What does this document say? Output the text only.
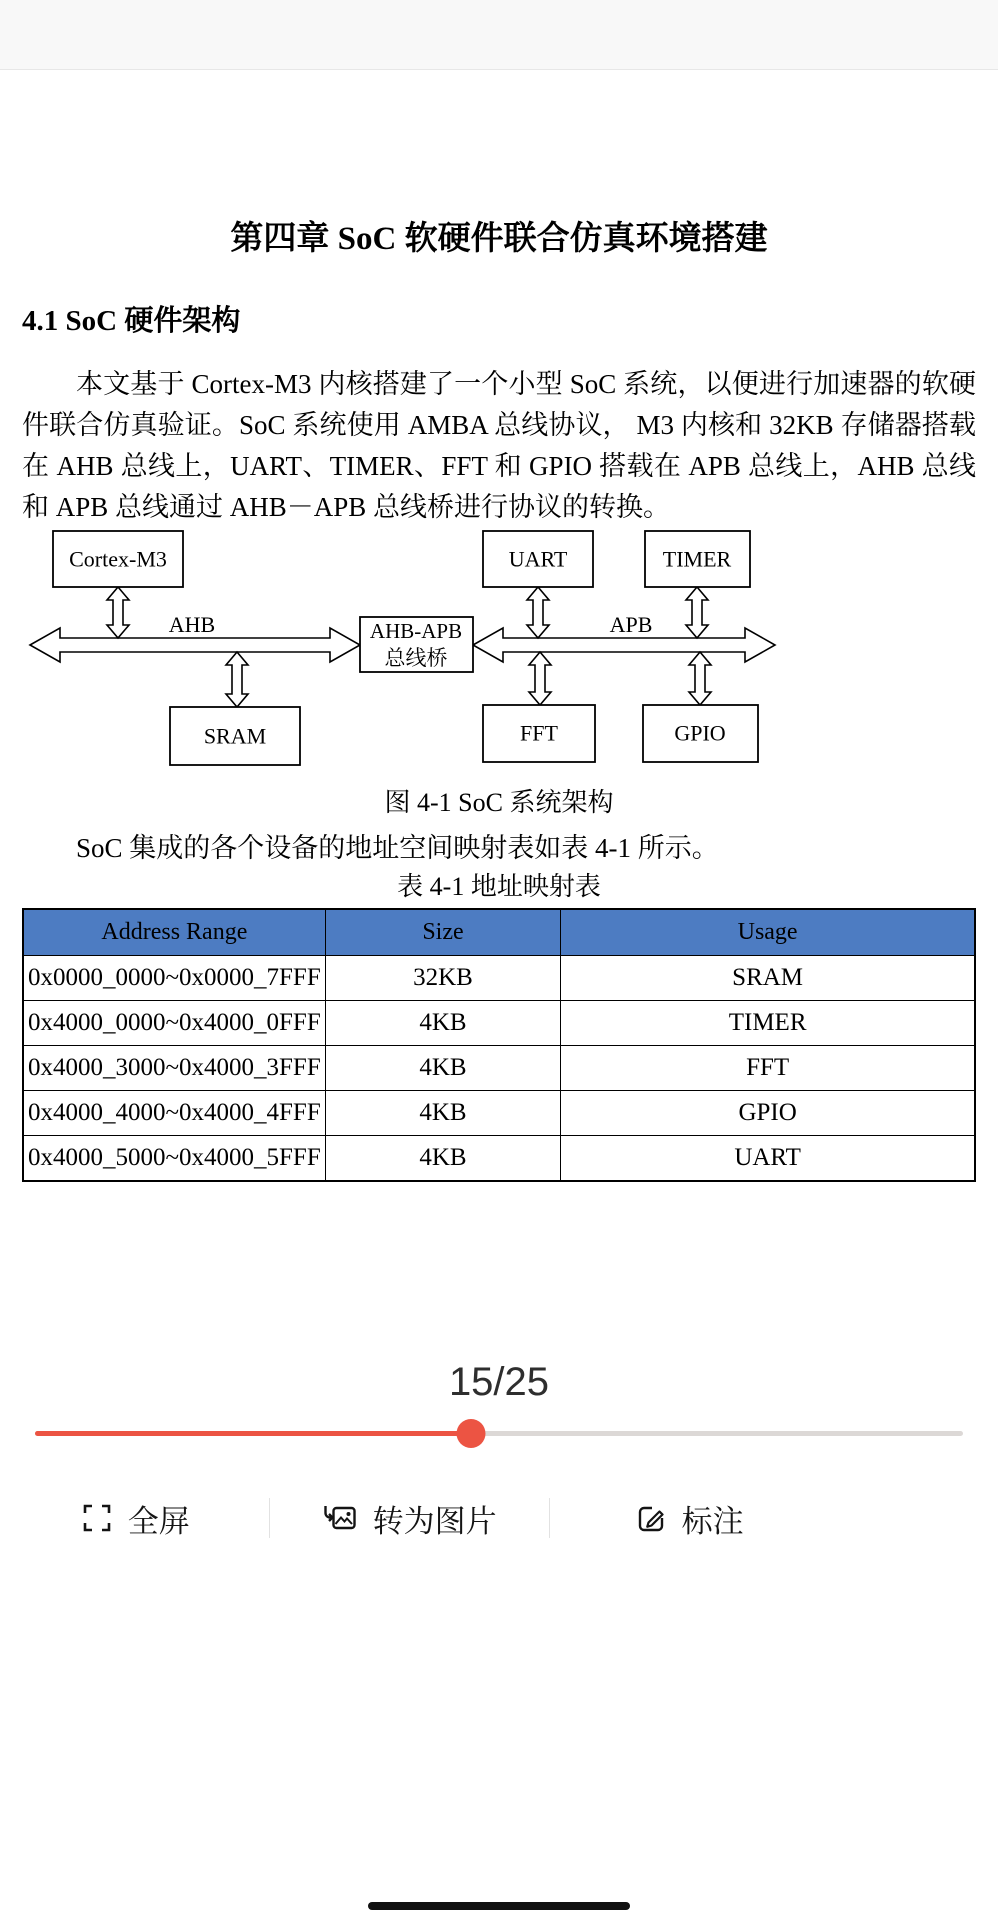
第四章 SoC 软硬件联合仿真环境搭建
4.1 SoC 硬件架构
本文基于 Cortex-M3 内核搭建了一个小型 SoC 系统，以便进行加速器的软硬件联合仿真验证。SoC 系统使用 AMBA 总线协议， M3 内核和 32KB 存储器搭载在 AHB 总线上，UART、TIMER、FFT 和 GPIO 搭载在 APB 总线上，AHB 总线和 APB 总线通过 AHB－APB 总线桥进行协议的转换。
Cortex-M3	UART	TIMER
AHB-APB
总线桥
SRAM	FFT	GPIO
AHB	APB
图 4-1 SoC 系统架构
SoC 集成的各个设备的地址空间映射表如表 4-1 所示。
表 4-1 地址映射表
Address Range	Size	Usage
0x0000_0000~0x0000_7FFF	32KB	SRAM
0x4000_0000~0x4000_0FFF	4KB	TIMER
0x4000_3000~0x4000_3FFF	4KB	FFT
0x4000_4000~0x4000_4FFF	4KB	GPIO
0x4000_5000~0x4000_5FFF	4KB	UART
15/25
全屏	转为图片	标注
